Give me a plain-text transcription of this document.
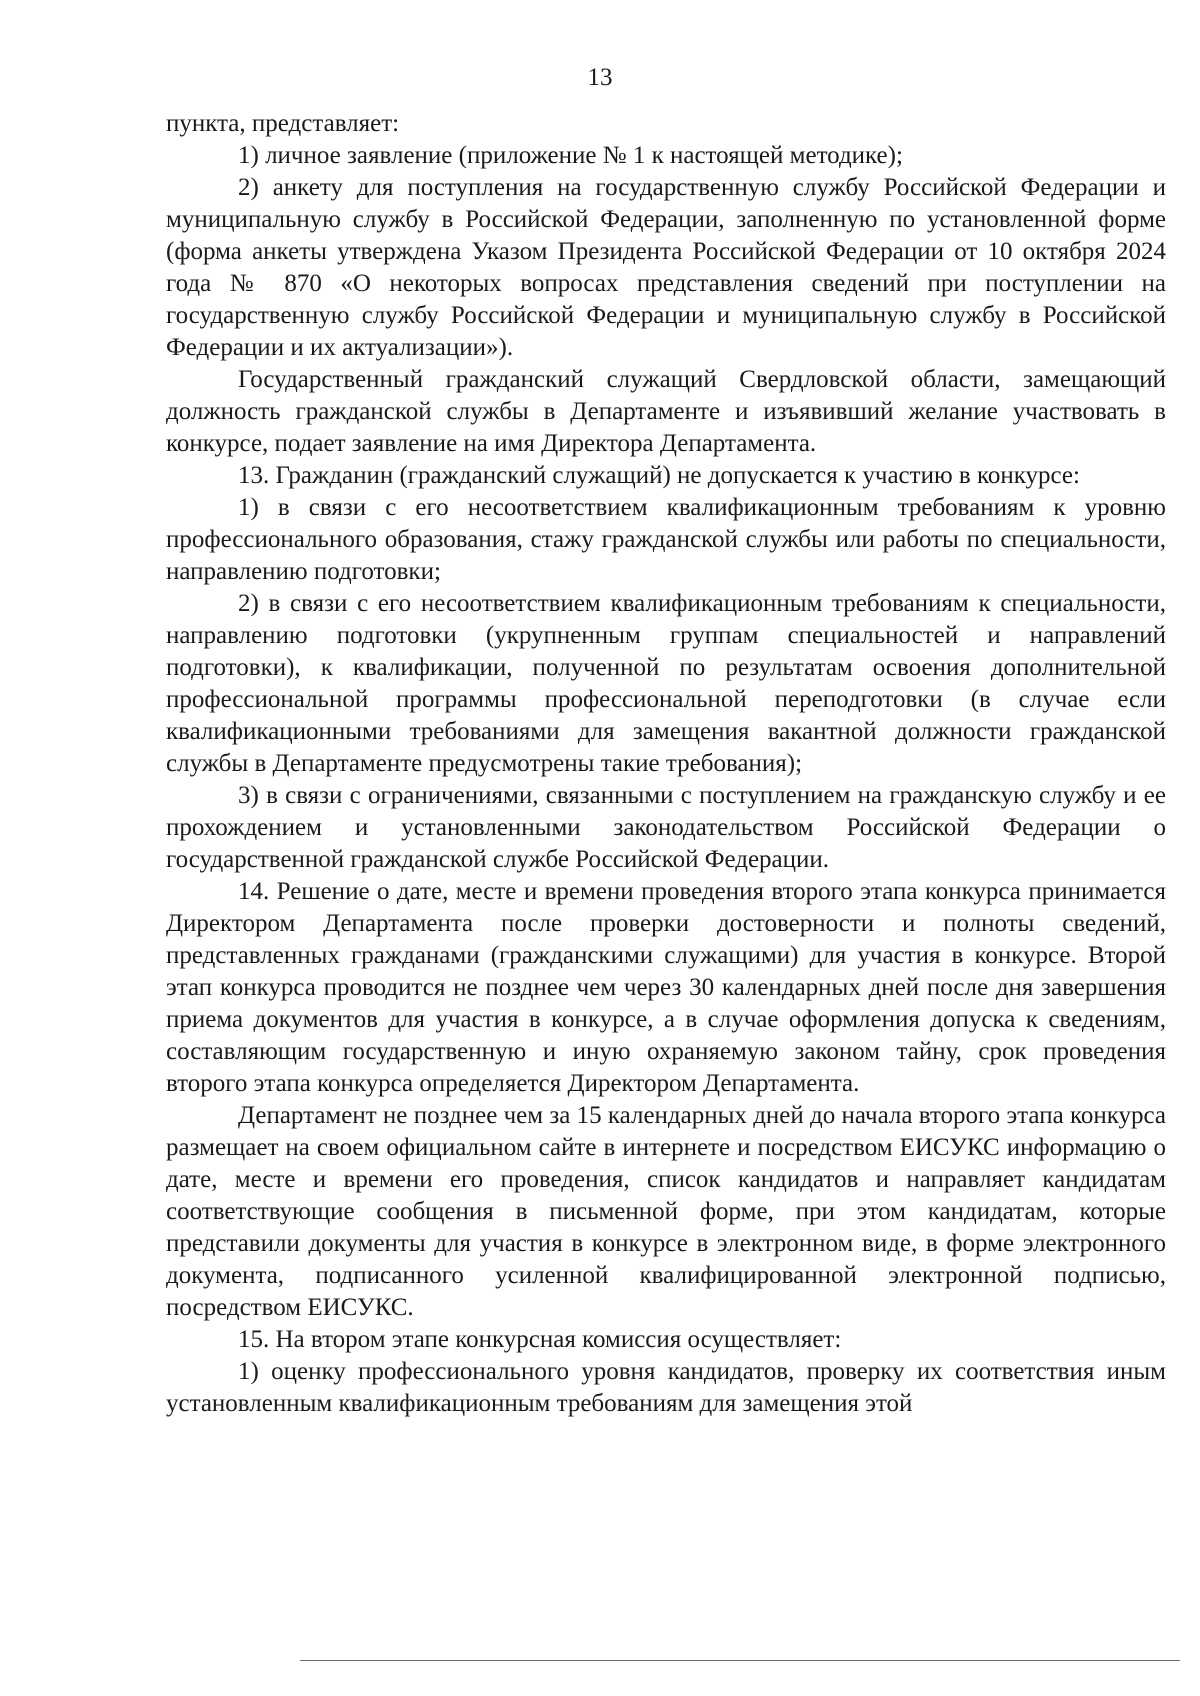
13

пункта, представляет:

1) личное заявление (приложение № 1 к настоящей методике);

2) анкету для поступления на государственную службу Российской Федерации и муниципальную службу в Российской Федерации, заполненную по установленной форме (форма анкеты утверждена Указом Президента Российской Федерации от 10 октября 2024 года № 870 «О некоторых вопросах представления сведений при поступлении на государственную службу Российской Федерации и муниципальную службу в Российской Федерации и их актуализации»).

Государственный гражданский служащий Свердловской области, замещающий должность гражданской службы в Департаменте и изъявивший желание участвовать в конкурсе, подает заявление на имя Директора Департамента.

13. Гражданин (гражданский служащий) не допускается к участию в конкурсе:

1) в связи с его несоответствием квалификационным требованиям к уровню профессионального образования, стажу гражданской службы или работы по специальности, направлению подготовки;

2) в связи с его несоответствием квалификационным требованиям к специальности, направлению подготовки (укрупненным группам специальностей и направлений подготовки), к квалификации, полученной по результатам освоения дополнительной профессиональной программы профессиональной переподготовки (в случае если квалификационными требованиями для замещения вакантной должности гражданской службы в Департаменте предусмотрены такие требования);

3) в связи с ограничениями, связанными с поступлением на гражданскую службу и ее прохождением и установленными законодательством Российской Федерации о государственной гражданской службе Российской Федерации.

14. Решение о дате, месте и времени проведения второго этапа конкурса принимается Директором Департамента после проверки достоверности и полноты сведений, представленных гражданами (гражданскими служащими) для участия в конкурсе. Второй этап конкурса проводится не позднее чем через 30 календарных дней после дня завершения приема документов для участия в конкурсе, а в случае оформления допуска к сведениям, составляющим государственную и иную охраняемую законом тайну, срок проведения второго этапа конкурса определяется Директором Департамента.

Департамент не позднее чем за 15 календарных дней до начала второго этапа конкурса размещает на своем официальном сайте в интернете и посредством ЕИСУКС информацию о дате, месте и времени его проведения, список кандидатов и направляет кандидатам соответствующие сообщения в письменной форме, при этом кандидатам, которые представили документы для участия в конкурсе в электронном виде, в форме электронного документа, подписанного усиленной квалифицированной электронной подписью, посредством ЕИСУКС.

15. На втором этапе конкурсная комиссия осуществляет:

1) оценку профессионального уровня кандидатов, проверку их соответствия иным установленным квалификационным требованиям для замещения этой
